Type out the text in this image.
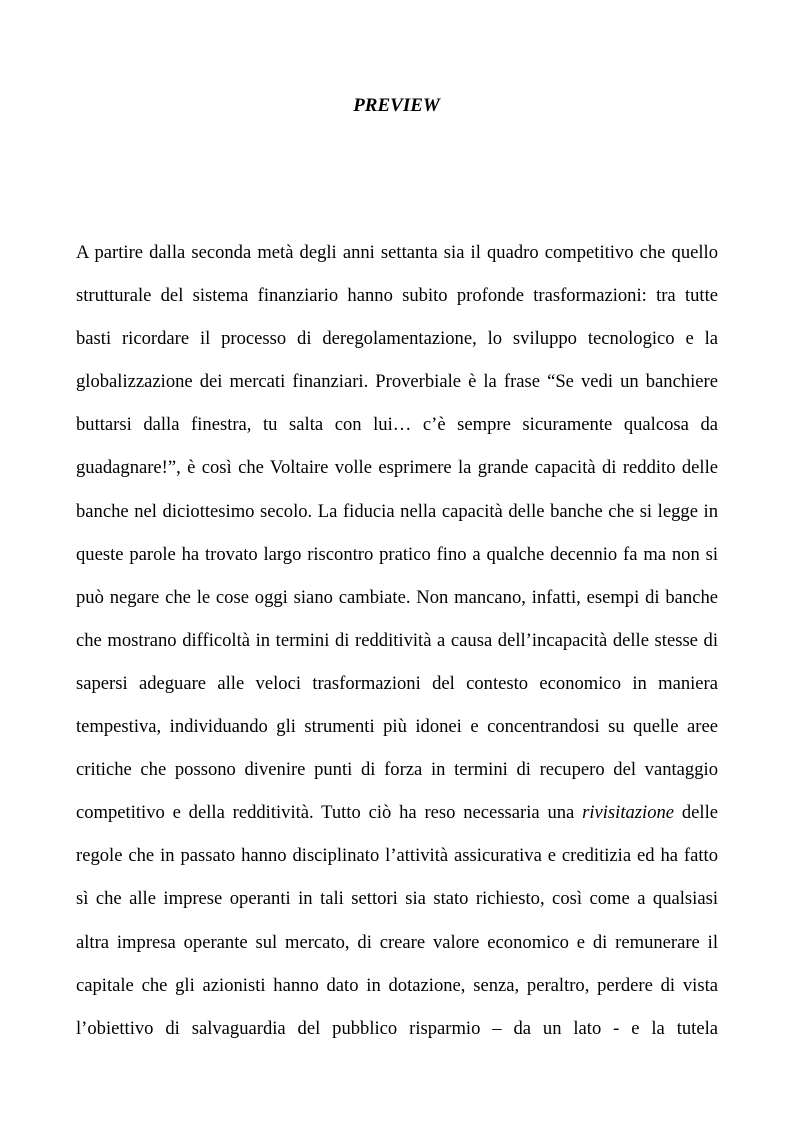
PREVIEW
A partire dalla seconda metà degli anni settanta sia il quadro competitivo che quello
strutturale del sistema finanziario hanno subito profonde trasformazioni: tra tutte
basti ricordare il processo di deregolamentazione, lo sviluppo tecnologico e la
globalizzazione dei mercati finanziari. Proverbiale è la frase “Se vedi un banchiere
buttarsi dalla finestra, tu salta con lui… c’è sempre sicuramente qualcosa da
guadagnare!”, è così che Voltaire volle esprimere la grande capacità di reddito delle
banche nel diciottesimo secolo. La fiducia nella capacità delle banche che si legge in
queste parole ha trovato largo riscontro pratico fino a qualche decennio fa ma non si
può negare che le cose oggi siano cambiate. Non mancano, infatti, esempi di banche
che mostrano difficoltà in termini di redditività a causa dell’incapacità delle stesse di
sapersi adeguare alle veloci trasformazioni del contesto economico in maniera
tempestiva, individuando gli strumenti più idonei e concentrandosi su quelle aree
critiche che possono divenire punti di forza in termini di recupero del vantaggio
competitivo e della redditività. Tutto ciò ha reso necessaria una rivisitazione delle
regole che in passato hanno disciplinato l’attività assicurativa e creditizia ed ha fatto
sì che alle imprese operanti in tali settori sia stato richiesto, così come a qualsiasi
altra impresa operante sul mercato, di creare valore economico e di remunerare il
capitale che gli azionisti hanno dato in dotazione, senza, peraltro, perdere di vista
l’obiettivo di salvaguardia del pubblico risparmio – da un lato - e la tutela
